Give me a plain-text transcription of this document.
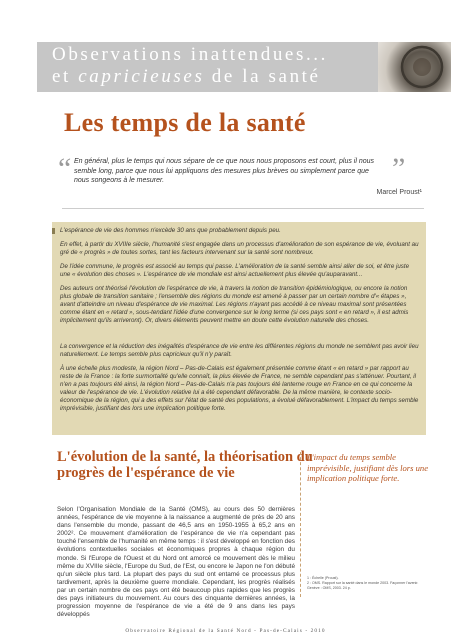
Observations inattendues...
et capricieuses de la santé
Les temps de la santé
“ En général, plus le temps qui nous sépare de ce que nous nous proposons est court, plus il nous semble long, parce que nous lui appliquons des mesures plus brèves ou simplement parce que nous songeons à le mesurer.	”
Marcel Proust¹

L'espérance de vie des hommes n'excède 30 ans que probablement depuis peu.

En effet, à partir du XVIIIe siècle, l'humanité s'est engagée dans un processus d'amélioration de son espérance de vie, évoluant au gré de « progrès » de toutes sortes, tant les facteurs intervenant sur la santé sont nombreux.

De l'idée commune, le progrès est associé au temps qui passe. L'amélioration de la santé semble ainsi aller de soi, et être juste une « évolution des choses ». L'espérance de vie mondiale est ainsi actuellement plus élevée qu'auparavant...

Des auteurs ont théorisé l'évolution de l'espérance de vie, à travers la notion de transition épidémiologique, ou encore la notion plus globale de transition sanitaire ; l'ensemble des régions du monde est amené à passer par un certain nombre d'« étapes », avant d'atteindre un niveau d'espérance de vie maximal. Les régions n'ayant pas accédé à ce niveau maximal sont présentées comme étant en « retard », sous-tendant l'idée d'une convergence sur le long terme (si ces pays sont « en retard », il est admis implicitement qu'ils arriveront). Or, divers éléments peuvent mettre en doute cette évolution naturelle des choses.

La convergence et la réduction des inégalités d'espérance de vie entre les différentes régions du monde ne semblent pas avoir lieu naturellement. Le temps semble plus capricieux qu'il n'y paraît.

À une échelle plus modeste, la région Nord – Pas-de-Calais est également présentée comme étant « en retard » par rapport au reste de la France : la forte surmortalité qu'elle connaît, la plus élevée de France, ne semble cependant pas s'atténuer. Pourtant, il n'en a pas toujours été ainsi, la région Nord – Pas-de-Calais n'a pas toujours été lanterne rouge en France en ce qui concerne la valeur de l'espérance de vie. L'évolution relative lui a été cependant défavorable. De la même manière, le contexte socio-économique de la région, qui a des effets sur l'état de santé des populations, a évolué défavorablement. L'impact du temps semble imprévisible, justifiant des lors une implication politique forte.

L'évolution de la santé, la théorisation du progrès de l'espérance de vie
L'impact du temps semble imprévisible, justifiant dès lors une implication politique forte.
1 : Échelle (Proust).
2 : OMS. Rapport sur la santé dans le monde 2003. Façonner l'avenir. Genève : OMS, 2003. 24 p.

Selon l'Organisation Mondiale de la Santé (OMS), au cours des 50 dernières années, l'espérance de vie moyenne à la naissance a augmenté de près de 20 ans dans l'ensemble du monde, passant de 46,5 ans en 1950-1955 à 65,2 ans en 2002². Ce mouvement d'amélioration de l'espérance de vie n'a cependant pas touché l'ensemble de l'humanité en même temps : il s'est développé en fonction des évolutions contextuelles sociales et économiques propres à chaque région du monde. Si l'Europe de l'Ouest et du Nord ont amorcé ce mouvement dès le milieu même du XVIIIe siècle, l'Europe du Sud, de l'Est, ou encore le Japon ne l'on débuté qu'un siècle plus tard. La plupart des pays du sud ont entamé ce processus plus tardivement, après la deuxième guerre mondiale. Cependant, les progrès réalisés par un certain nombre de ces pays ont été beaucoup plus rapides que les progrès des pays initiateurs du mouvement. Au cours des cinquante dernières années, la progression moyenne de l'espérance de vie a été de 9 ans dans les pays développés

Observatoire Régional de la Santé Nord - Pas-de-Calais - 2010
